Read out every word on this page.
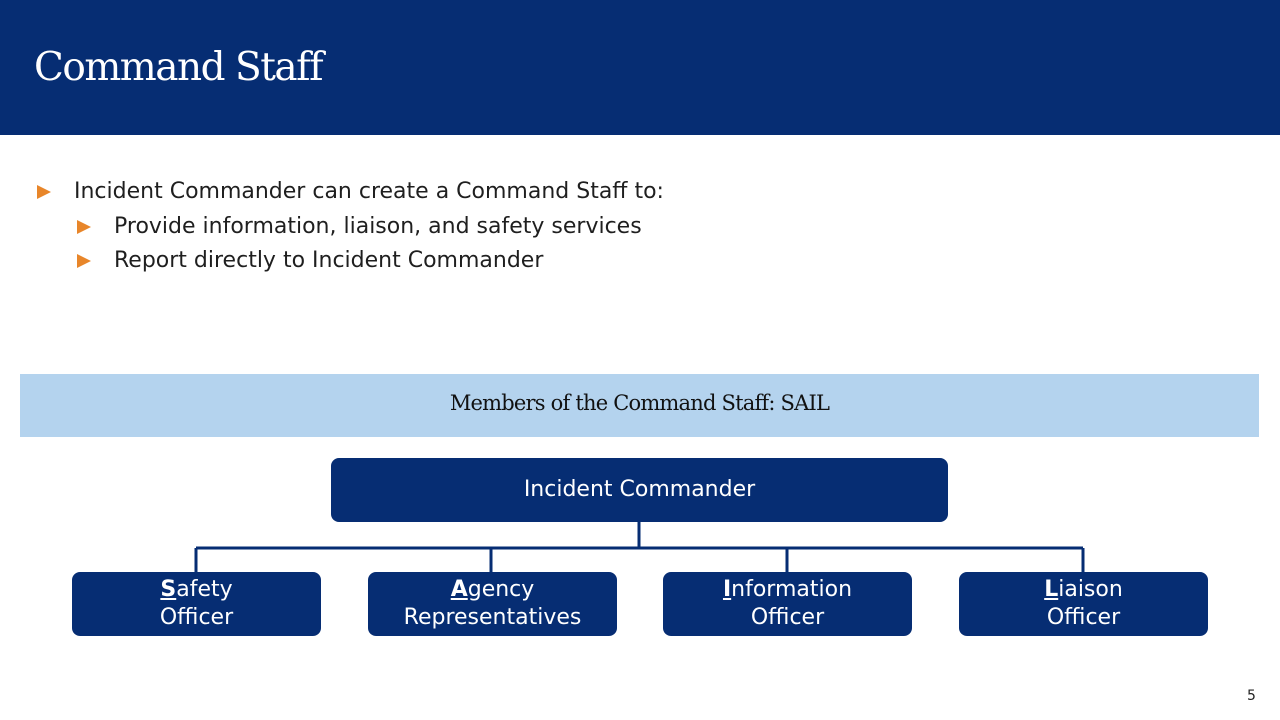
Command Staff
Incident Commander can create a Command Staff to:
Provide information, liaison, and safety services
Report directly to Incident Commander
Members of the Command Staff: SAIL
Incident Commander
Safety
Officer
Agency
Representatives
Information
Officer
Liaison
Officer
5
